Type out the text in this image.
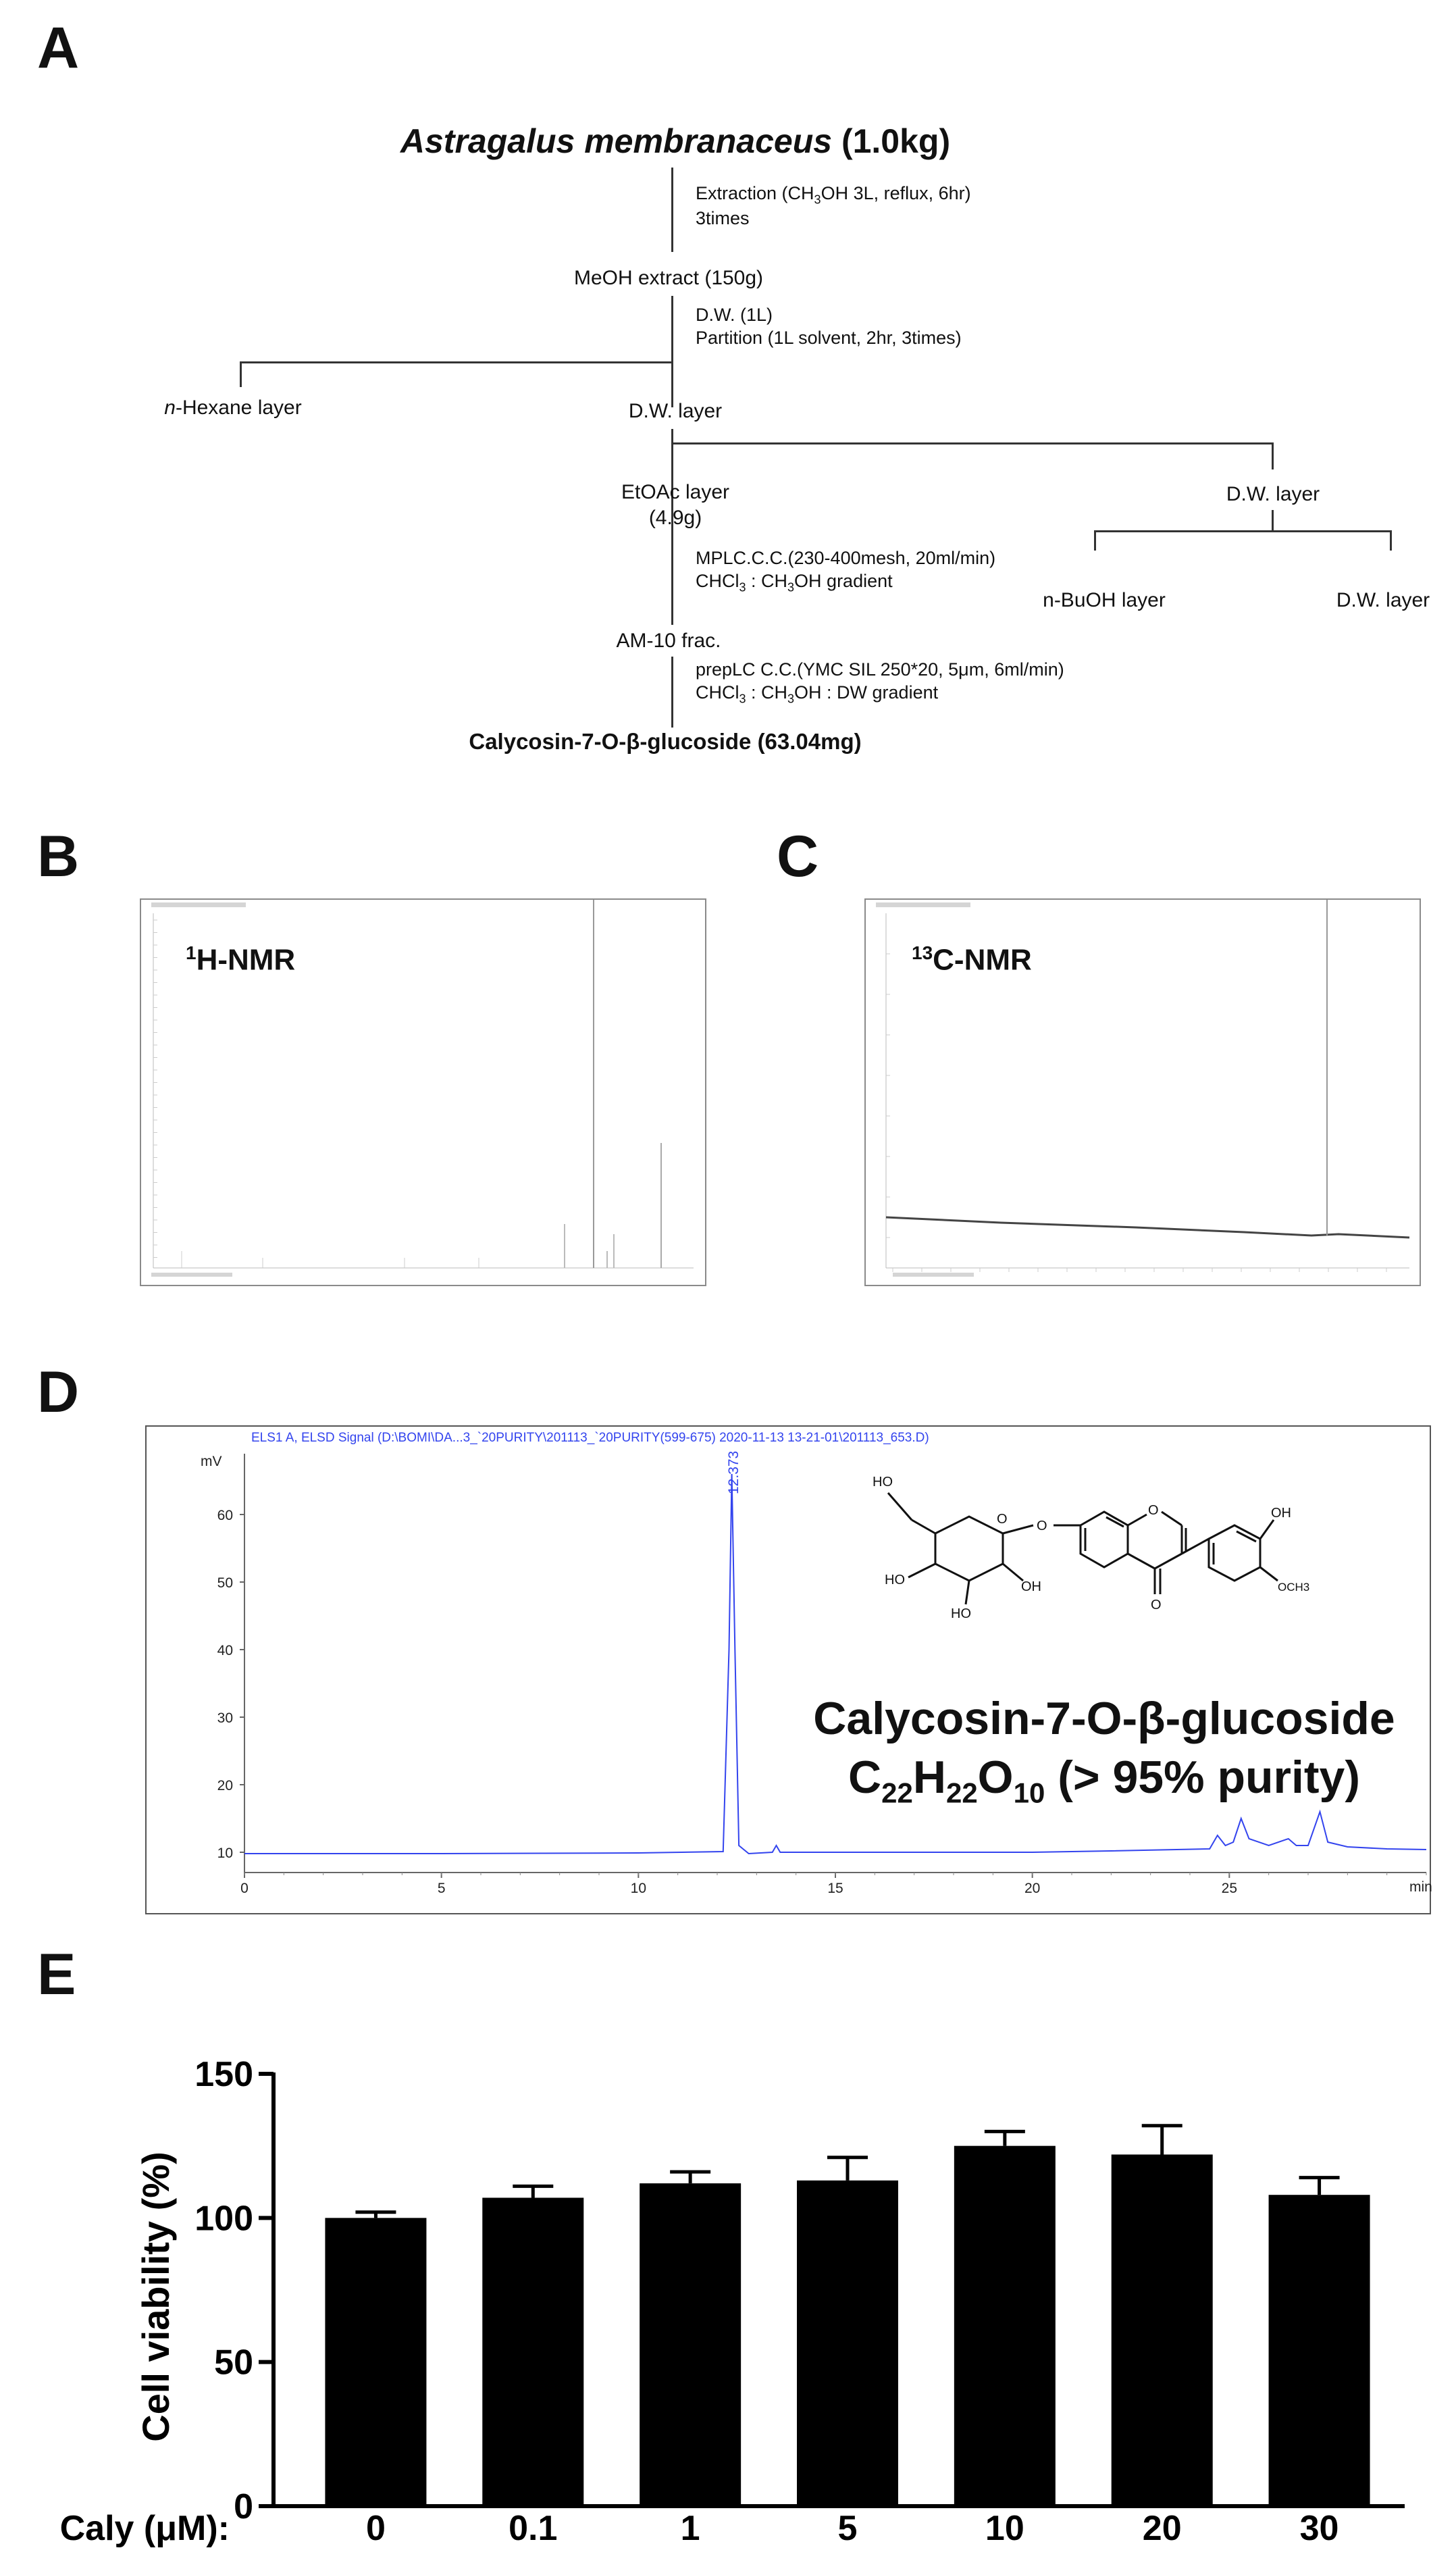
A
Astragalus membranaceus (1.0kg)
Extraction ($CH_3OH$ 3L, reflux, 6hr)
3times
MeOH extract (150g)
D.W. (1L)
Partition (1L solvent, 2hr, 3times)
n-Hexane layer	D.W. layer
EtOAc layer
(4.9g)
D.W. layer
n-BuOH layer	D.W. layer
MPLC.C.C.(230-400mesh, 20ml/min)
CHCl$_3$ : $CH_3OH$ gradient
AM-10 frac.
prepLC C.C.(YMC SIL 250*20, 5μm, 6ml/min)
CHCl$_3$ : $CH_3OH$ : DW gradient
Calycosin-7-O-β-glucoside (63.04mg)
B
$^1$H-NMR
C
$^{13}$C-NMR
D
ELS1 A, ELSD Signal (D:\BOMI\DA...3_`20PURITY\201113_`20PURITY(599-675) 2020-11-13 13-21-01\201113_653.D)
mV
60
50
40
30
20
10
0	5	10	15	20	25	min
12.373	HO
HO
HO
OH
O O
O
O
OH
OCH3
Calycosin-7-O-β-glucoside
$C_{22}H_{22}O_{10}$ (> 95% purity)
E
Cell viability (%)
0
50
100
150
Caly (μM):	0	0.1	1	5	10	20	30
